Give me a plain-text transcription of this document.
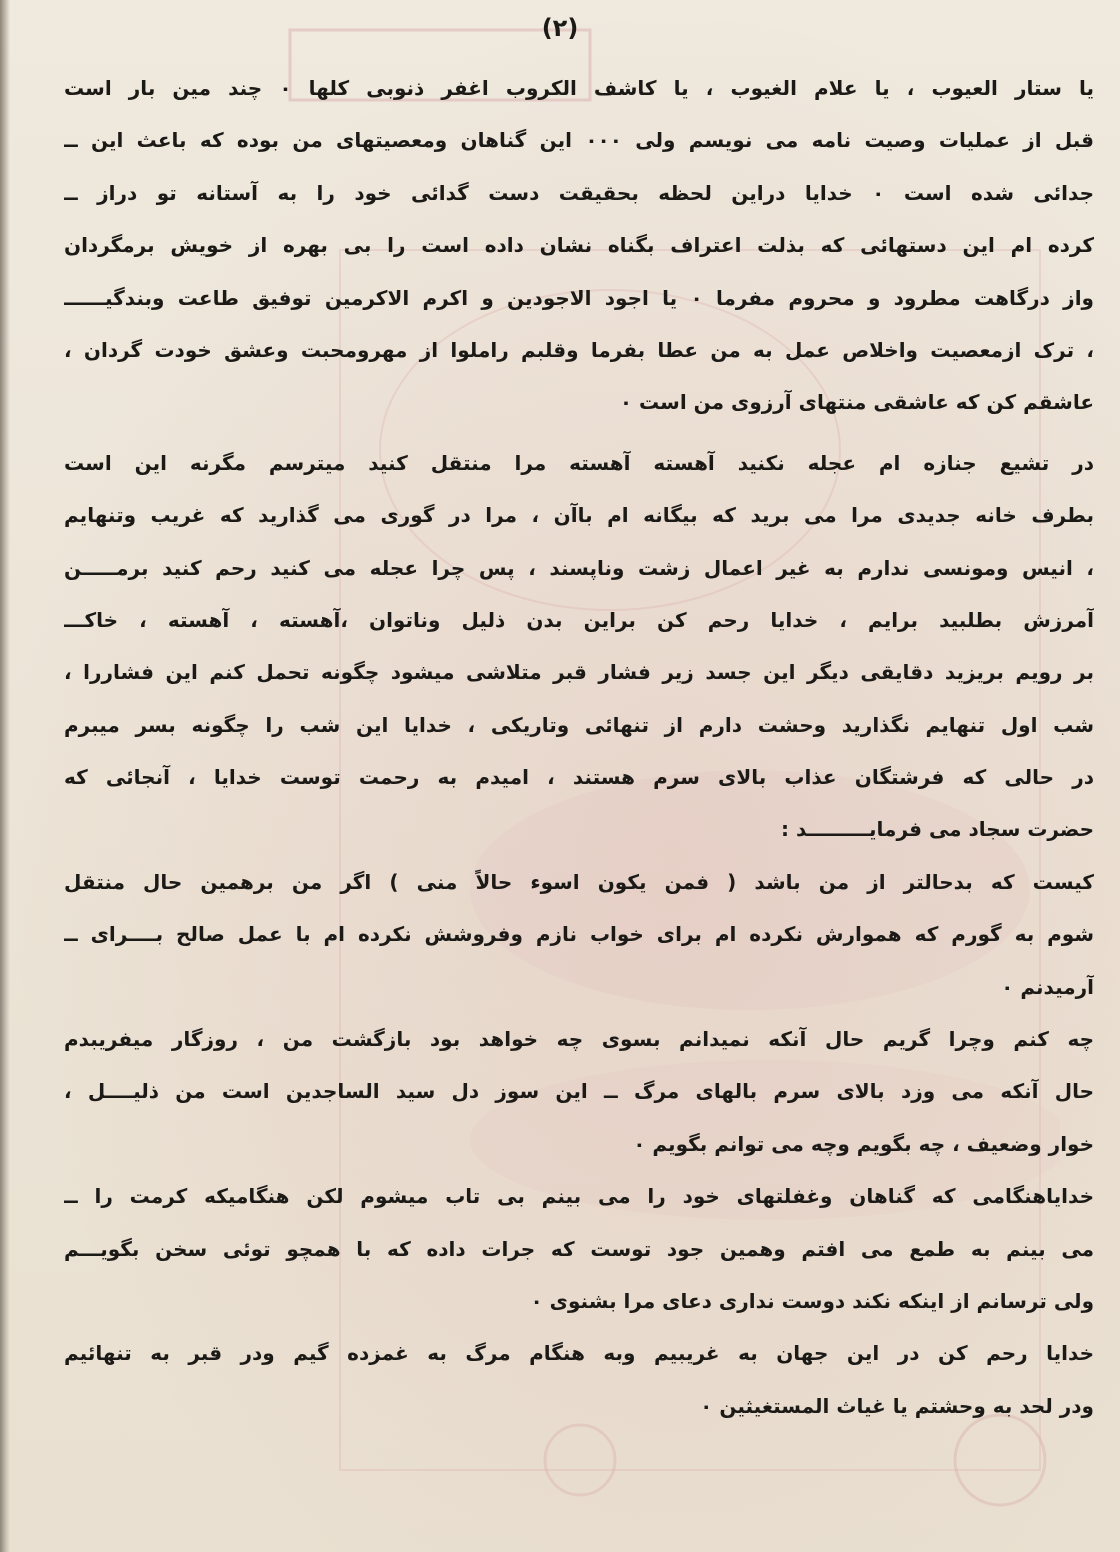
(۲)
یا ستار العیوب ، یا علام الغیوب ، یا کاشف الکروب اغفر ذنوبی کلها ۰ چند مین بار است
قبل از عملیات وصیت نامه می نویسم ولی ۰۰۰ این گناهان ومعصیتهای من بوده که باعث این ــ
جدائی شده است ۰ خدایا دراین لحظه بحقیقت دست گدائی خود را به آستانه تو دراز ــ
کرده ام این دستهائی که بذلت اعتراف بگناه نشان داده است را بی بهره از خویش برمگردان
واز درگاهت مطرود و محروم مفرما ۰ یا اجود الاجودین و اکرم الاکرمین توفیق طاعت وبندگیــــــ
، ترک ازمعصیت واخلاص عمل به من عطا بفرما وقلبم راملوا از مهرومحبت وعشق خودت گردان ،
عاشقم کن که عاشقی منتهای آرزوی من است ۰
در تشیع جنازه ام عجله نکنید آهسته آهسته مرا منتقل کنید میترسم مگرنه این است
بطرف خانه جدیدی مرا می برید که بیگانه ام باآن ، مرا در گوری می گذارید که غریب وتنهایم
، انیس ومونسی ندارم به غیر اعمال زشت وناپسند ، پس چرا عجله می کنید رحم کنید برمـــــن
آمرزش بطلبید برایم ، خدایا رحم کن براین بدن ذلیل وناتوان ،آهسته ، آهسته ، خاکـــ
بر رویم بریزید دقایقی دیگر این جسد زیر فشار قبر متلاشی میشود چگونه تحمل کنم این فشاررا ،
شب اول تنهایم نگذارید وحشت دارم از تنهائی وتاریکی ، خدایا این شب را چگونه بسر میبرم
در حالی که فرشتگان عذاب بالای سرم هستند ، امیدم به رحمت توست خدایا ، آنجائی که
حضرت سجاد می فرمایـــــــــد :
کیست که بدحالتر از من باشد ( فمن یکون اسوء حالاً منی ) اگر من برهمین حال منتقل
شوم به گورم که هموارش نکرده ام برای خواب نازم وفروشش نکرده ام با عمل صالح بــــرای ــ
آرمیدنم ۰
چه کنم وچرا گریم حال آنکه نمیدانم بسوی چه خواهد بود بازگشت من ، روزگار میفریبدم
حال آنکه می وزد بالای سرم بالهای مرگ ــ این سوز دل سید الساجدین است من ذلیــــل ،
خوار وضعیف ، چه بگویم وچه می توانم بگویم ۰
خدایاهنگامی که گناهان وغفلتهای خود را می بینم بی تاب میشوم لکن هنگامیکه کرمت را ــ
می بینم به طمع می افتم وهمین جود توست که جرات داده که با همچو توئی سخن بگویـــم
ولی ترسانم از اینکه نکند دوست نداری دعای مرا بشنوی ۰
خدایا رحم کن در این جهان به غریبیم وبه هنگام مرگ به غمزده گیم ودر قبر به تنهائیم
ودر لحد به وحشتم یا غیاث المستغیثین ۰
